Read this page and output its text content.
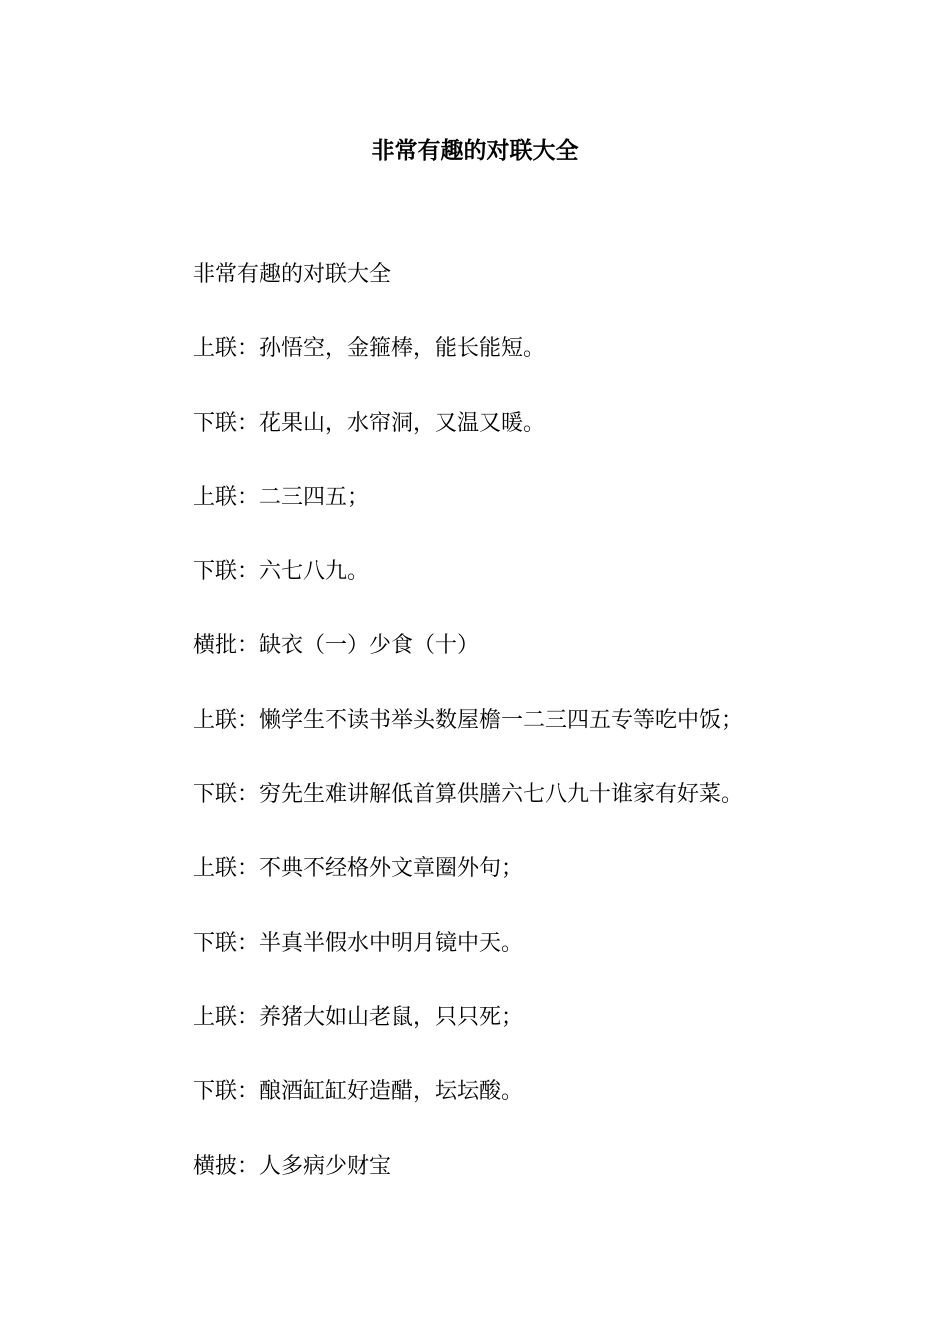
非常有趣的对联大全
非常有趣的对联大全
上联：孙悟空，金箍棒，能长能短。
下联：花果山，水帘洞，又温又暖。
上联：二三四五；
下联：六七八九。
横批：缺衣（一）少食（十）
上联：懒学生不读书举头数屋檐一二三四五专等吃中饭；
下联：穷先生难讲解低首算供膳六七八九十谁家有好菜。
上联：不典不经格外文章圈外句；
下联：半真半假水中明月镜中天。
上联：养猪大如山老鼠，只只死；
下联：酿酒缸缸好造醋，坛坛酸。
横披：人多病少财宝
